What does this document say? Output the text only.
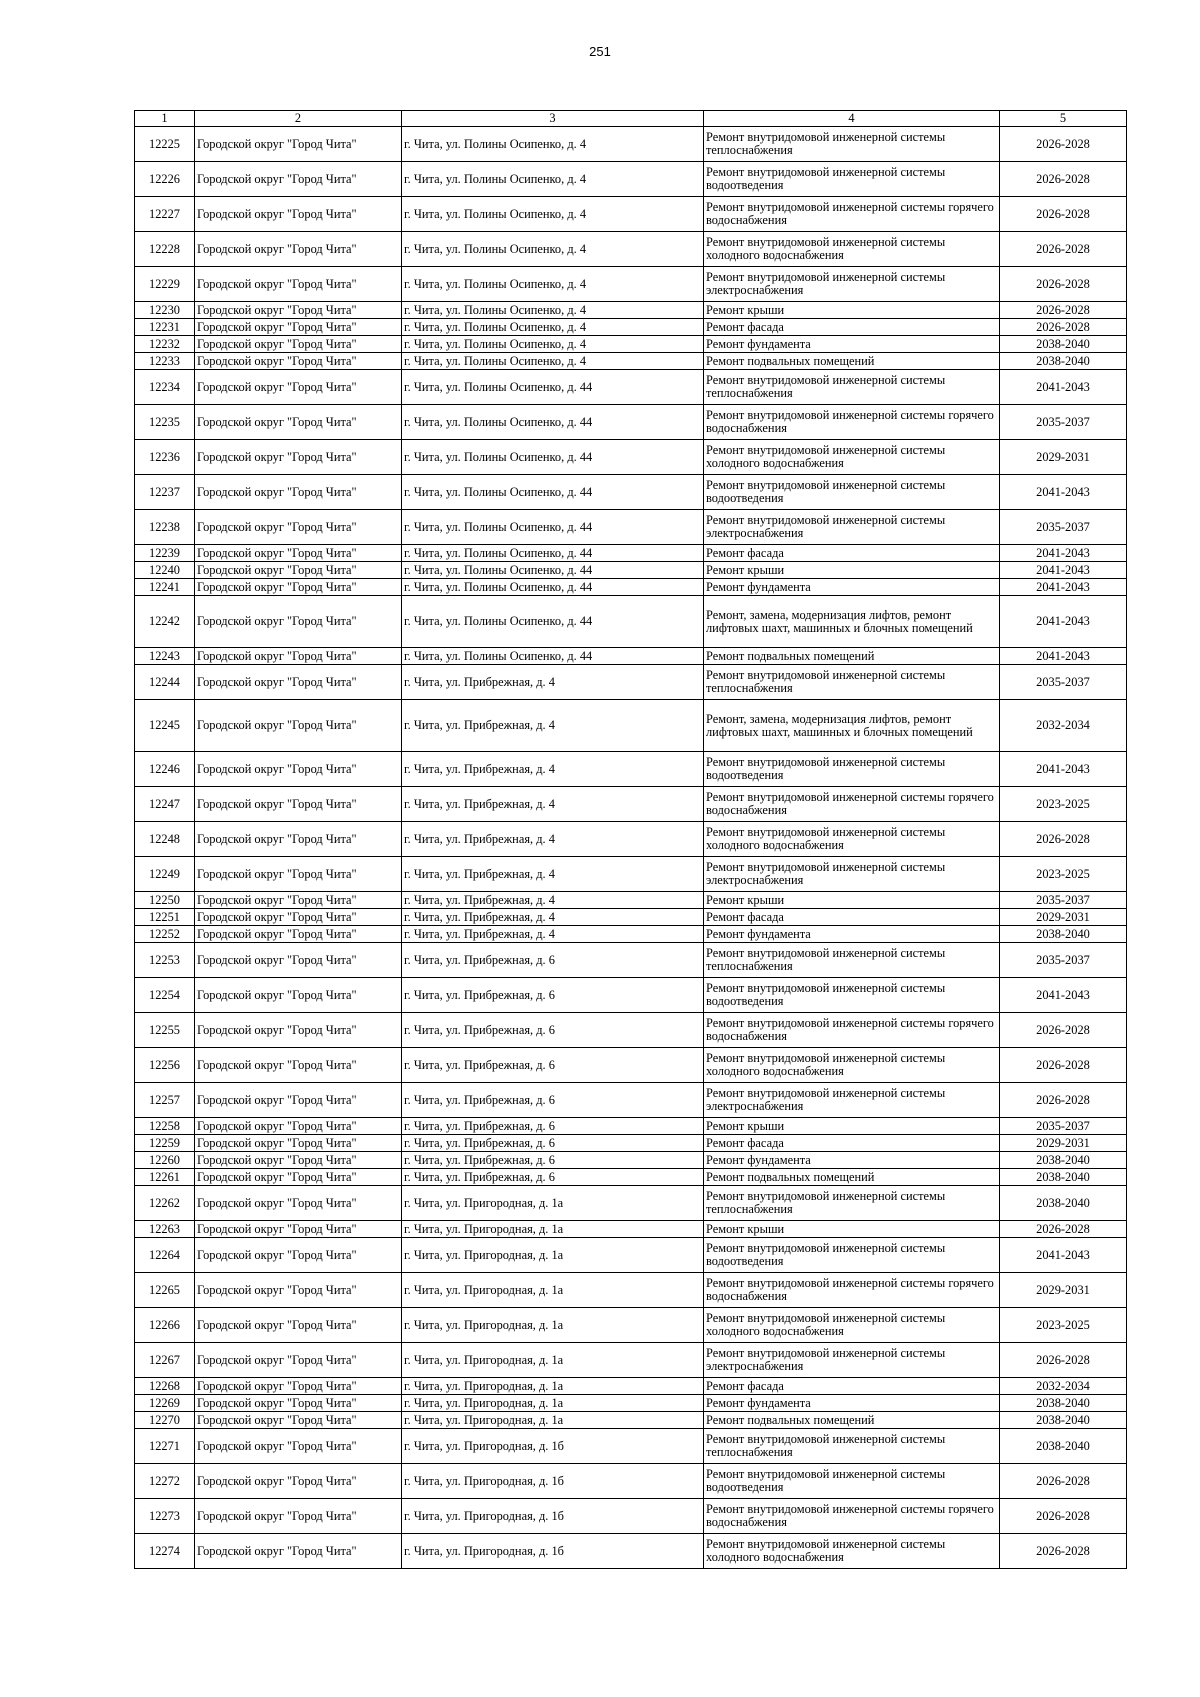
251
1	2	3	4	5
12225	Городской округ "Город Чита"	г. Чита, ул. Полины Осипенко, д. 4	Ремонт внутридомовой инженерной системы теплоснабжения	2026-2028
12226	Городской округ "Город Чита"	г. Чита, ул. Полины Осипенко, д. 4	Ремонт внутридомовой инженерной системы водоотведения	2026-2028
12227	Городской округ "Город Чита"	г. Чита, ул. Полины Осипенко, д. 4	Ремонт внутридомовой инженерной системы горячего водоснабжения	2026-2028
12228	Городской округ "Город Чита"	г. Чита, ул. Полины Осипенко, д. 4	Ремонт внутридомовой инженерной системы холодного водоснабжения	2026-2028
12229	Городской округ "Город Чита"	г. Чита, ул. Полины Осипенко, д. 4	Ремонт внутридомовой инженерной системы электроснабжения	2026-2028
12230	Городской округ "Город Чита"	г. Чита, ул. Полины Осипенко, д. 4	Ремонт крыши	2026-2028
12231	Городской округ "Город Чита"	г. Чита, ул. Полины Осипенко, д. 4	Ремонт фасада	2026-2028
12232	Городской округ "Город Чита"	г. Чита, ул. Полины Осипенко, д. 4	Ремонт фундамента	2038-2040
12233	Городской округ "Город Чита"	г. Чита, ул. Полины Осипенко, д. 4	Ремонт подвальных помещений	2038-2040
12234	Городской округ "Город Чита"	г. Чита, ул. Полины Осипенко, д. 44	Ремонт внутридомовой инженерной системы теплоснабжения	2041-2043
12235	Городской округ "Город Чита"	г. Чита, ул. Полины Осипенко, д. 44	Ремонт внутридомовой инженерной системы горячего водоснабжения	2035-2037
12236	Городской округ "Город Чита"	г. Чита, ул. Полины Осипенко, д. 44	Ремонт внутридомовой инженерной системы холодного водоснабжения	2029-2031
12237	Городской округ "Город Чита"	г. Чита, ул. Полины Осипенко, д. 44	Ремонт внутридомовой инженерной системы водоотведения	2041-2043
12238	Городской округ "Город Чита"	г. Чита, ул. Полины Осипенко, д. 44	Ремонт внутридомовой инженерной системы электроснабжения	2035-2037
12239	Городской округ "Город Чита"	г. Чита, ул. Полины Осипенко, д. 44	Ремонт фасада	2041-2043
12240	Городской округ "Город Чита"	г. Чита, ул. Полины Осипенко, д. 44	Ремонт крыши	2041-2043
12241	Городской округ "Город Чита"	г. Чита, ул. Полины Осипенко, д. 44	Ремонт фундамента	2041-2043
12242	Городской округ "Город Чита"	г. Чита, ул. Полины Осипенко, д. 44	Ремонт, замена, модернизация лифтов, ремонт лифтовых шахт, машинных и блочных помещений	2041-2043
12243	Городской округ "Город Чита"	г. Чита, ул. Полины Осипенко, д. 44	Ремонт подвальных помещений	2041-2043
12244	Городской округ "Город Чита"	г. Чита, ул. Прибрежная, д. 4	Ремонт внутридомовой инженерной системы теплоснабжения	2035-2037
12245	Городской округ "Город Чита"	г. Чита, ул. Прибрежная, д. 4	Ремонт, замена, модернизация лифтов, ремонт лифтовых шахт, машинных и блочных помещений	2032-2034
12246	Городской округ "Город Чита"	г. Чита, ул. Прибрежная, д. 4	Ремонт внутридомовой инженерной системы водоотведения	2041-2043
12247	Городской округ "Город Чита"	г. Чита, ул. Прибрежная, д. 4	Ремонт внутридомовой инженерной системы горячего водоснабжения	2023-2025
12248	Городской округ "Город Чита"	г. Чита, ул. Прибрежная, д. 4	Ремонт внутридомовой инженерной системы холодного водоснабжения	2026-2028
12249	Городской округ "Город Чита"	г. Чита, ул. Прибрежная, д. 4	Ремонт внутридомовой инженерной системы электроснабжения	2023-2025
12250	Городской округ "Город Чита"	г. Чита, ул. Прибрежная, д. 4	Ремонт крыши	2035-2037
12251	Городской округ "Город Чита"	г. Чита, ул. Прибрежная, д. 4	Ремонт фасада	2029-2031
12252	Городской округ "Город Чита"	г. Чита, ул. Прибрежная, д. 4	Ремонт фундамента	2038-2040
12253	Городской округ "Город Чита"	г. Чита, ул. Прибрежная, д. 6	Ремонт внутридомовой инженерной системы теплоснабжения	2035-2037
12254	Городской округ "Город Чита"	г. Чита, ул. Прибрежная, д. 6	Ремонт внутридомовой инженерной системы водоотведения	2041-2043
12255	Городской округ "Город Чита"	г. Чита, ул. Прибрежная, д. 6	Ремонт внутридомовой инженерной системы горячего водоснабжения	2026-2028
12256	Городской округ "Город Чита"	г. Чита, ул. Прибрежная, д. 6	Ремонт внутридомовой инженерной системы холодного водоснабжения	2026-2028
12257	Городской округ "Город Чита"	г. Чита, ул. Прибрежная, д. 6	Ремонт внутридомовой инженерной системы электроснабжения	2026-2028
12258	Городской округ "Город Чита"	г. Чита, ул. Прибрежная, д. 6	Ремонт крыши	2035-2037
12259	Городской округ "Город Чита"	г. Чита, ул. Прибрежная, д. 6	Ремонт фасада	2029-2031
12260	Городской округ "Город Чита"	г. Чита, ул. Прибрежная, д. 6	Ремонт фундамента	2038-2040
12261	Городской округ "Город Чита"	г. Чита, ул. Прибрежная, д. 6	Ремонт подвальных помещений	2038-2040
12262	Городской округ "Город Чита"	г. Чита, ул. Пригородная, д. 1а	Ремонт внутридомовой инженерной системы теплоснабжения	2038-2040
12263	Городской округ "Город Чита"	г. Чита, ул. Пригородная, д. 1а	Ремонт крыши	2026-2028
12264	Городской округ "Город Чита"	г. Чита, ул. Пригородная, д. 1а	Ремонт внутридомовой инженерной системы водоотведения	2041-2043
12265	Городской округ "Город Чита"	г. Чита, ул. Пригородная, д. 1а	Ремонт внутридомовой инженерной системы горячего водоснабжения	2029-2031
12266	Городской округ "Город Чита"	г. Чита, ул. Пригородная, д. 1а	Ремонт внутридомовой инженерной системы холодного водоснабжения	2023-2025
12267	Городской округ "Город Чита"	г. Чита, ул. Пригородная, д. 1а	Ремонт внутридомовой инженерной системы электроснабжения	2026-2028
12268	Городской округ "Город Чита"	г. Чита, ул. Пригородная, д. 1а	Ремонт фасада	2032-2034
12269	Городской округ "Город Чита"	г. Чита, ул. Пригородная, д. 1а	Ремонт фундамента	2038-2040
12270	Городской округ "Город Чита"	г. Чита, ул. Пригородная, д. 1а	Ремонт подвальных помещений	2038-2040
12271	Городской округ "Город Чита"	г. Чита, ул. Пригородная, д. 1б	Ремонт внутридомовой инженерной системы теплоснабжения	2038-2040
12272	Городской округ "Город Чита"	г. Чита, ул. Пригородная, д. 1б	Ремонт внутридомовой инженерной системы водоотведения	2026-2028
12273	Городской округ "Город Чита"	г. Чита, ул. Пригородная, д. 1б	Ремонт внутридомовой инженерной системы горячего водоснабжения	2026-2028
12274	Городской округ "Город Чита"	г. Чита, ул. Пригородная, д. 1б	Ремонт внутридомовой инженерной системы холодного водоснабжения	2026-2028
